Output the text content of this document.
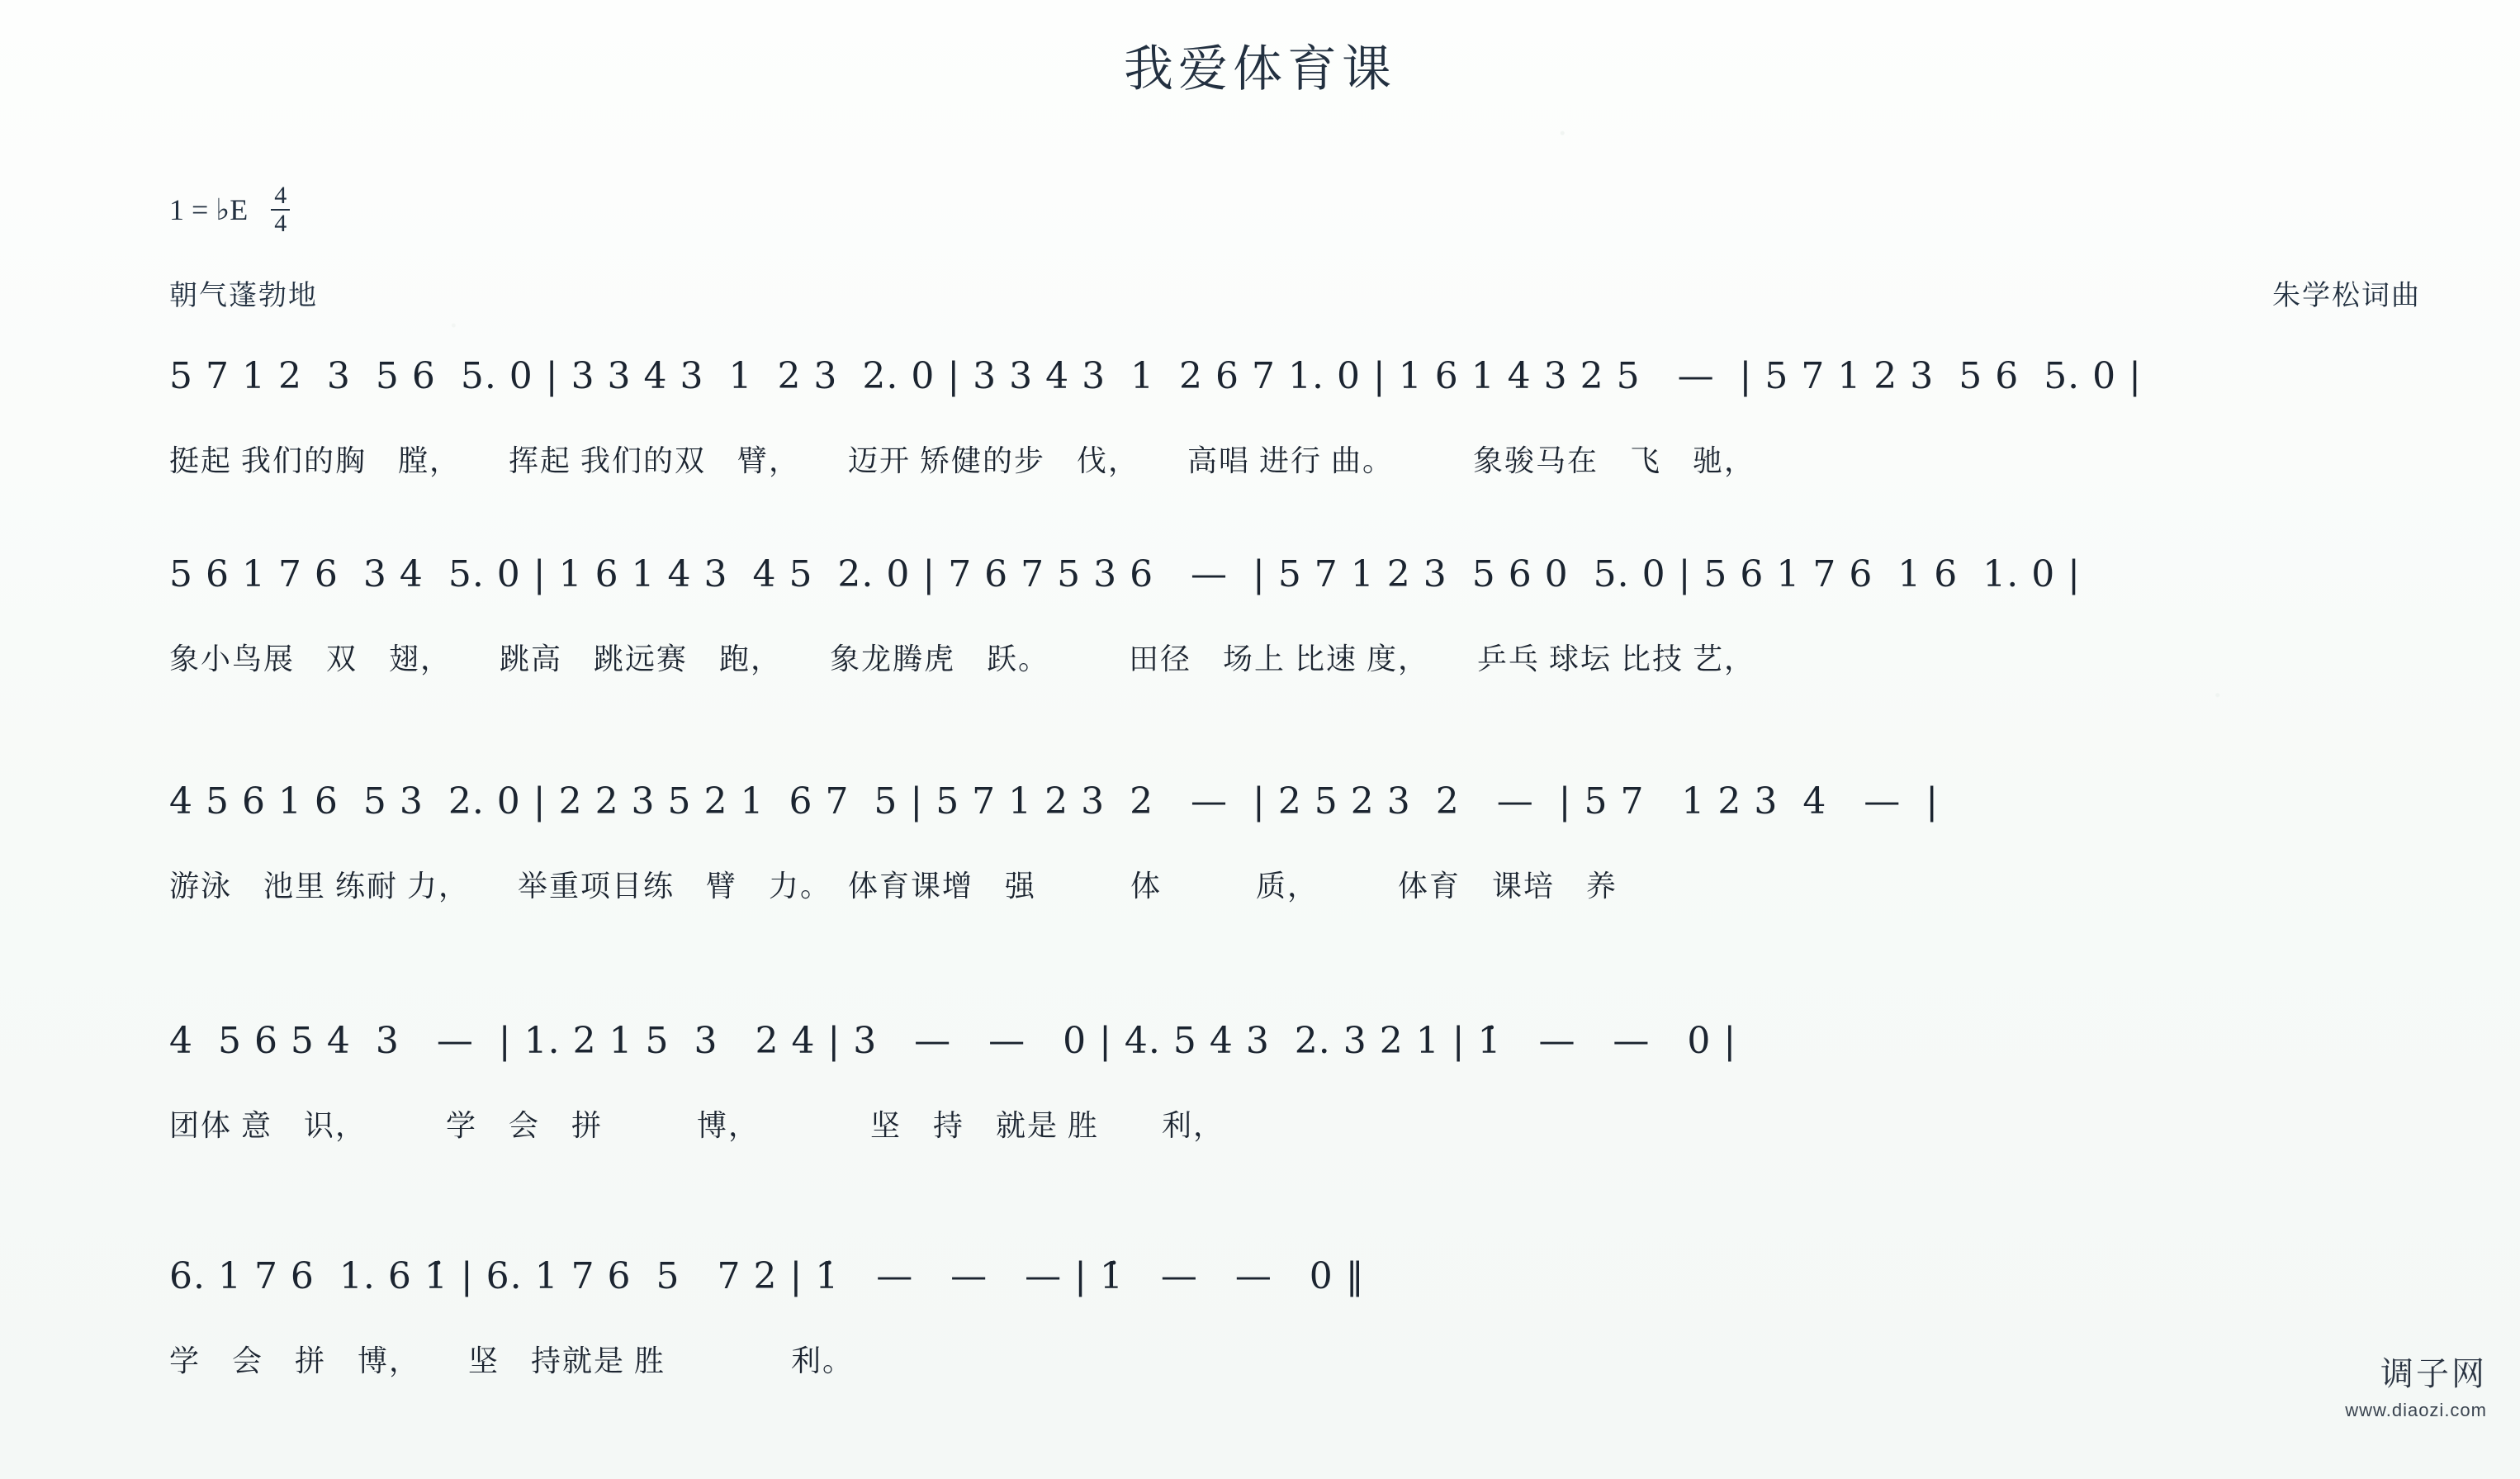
我爱体育课
1 = ♭E $\frac{4}{4}$
朝气蓬勃地	朱学松词曲
5 7 1 2  3  5 6  5. 0 | 3 3 4 3  1  2 3  2. 0 | 3 3 4 3  1  2 6 7 1. 0 | 1 6 1 4 3 2 5   —  | 5 7 1 2 3  5 6  5. 0 |
挺起 我们的胸　膛，　　挥起 我们的双　臂，　　迈开 矫健的步　伐，　　高唱 进行 曲。　　　象骏马在　飞　驰，
5 6 1 7 6  3 4  5. 0 | 1 6 1 4 3  4 5  2. 0 | 7 6 7 5 3 6   —  | 5 7 1 2 3  5 6 0  5. 0 | 5 6 1 7 6  1 6  1. 0 |
象小鸟展　双　翅，　　跳高　跳远赛　跑，　　象龙腾虎　跃。　　　田径　场上 比速 度，　　乒乓 球坛 比技 艺，
4 5 6 1 6  5 3  2. 0 | 2 2 3 5 2 1  6 7  5 | 5 7 1 2 3  2   —  | 2 5 2 3  2   —  | 5 7   1 2 3  4   —  |
游泳　池里 练耐 力，　　举重项目练　臂　力。　体育课增　强　　　体　　　质，　　　体育　课培　养
4  5 6 5 4  3   —  | 1. 2 1 5  3   2 4 | 3   —   —   0 | 4. 5 4 3  2. 3 2 1 | 1̇   —   —   0 |
团体 意　识，　　　学　会　拼　　　博，　　　　坚　持　就是 胜　　利，
6. 1 7 6  1. 6 1̇ | 6. 1 7 6  5   7 2 | 1̇   —   —   — | 1̇   —   —   0 ‖
学　会　拼　博，　　坚　持就是 胜　　　　利。	调子网
www.diaozi.com
